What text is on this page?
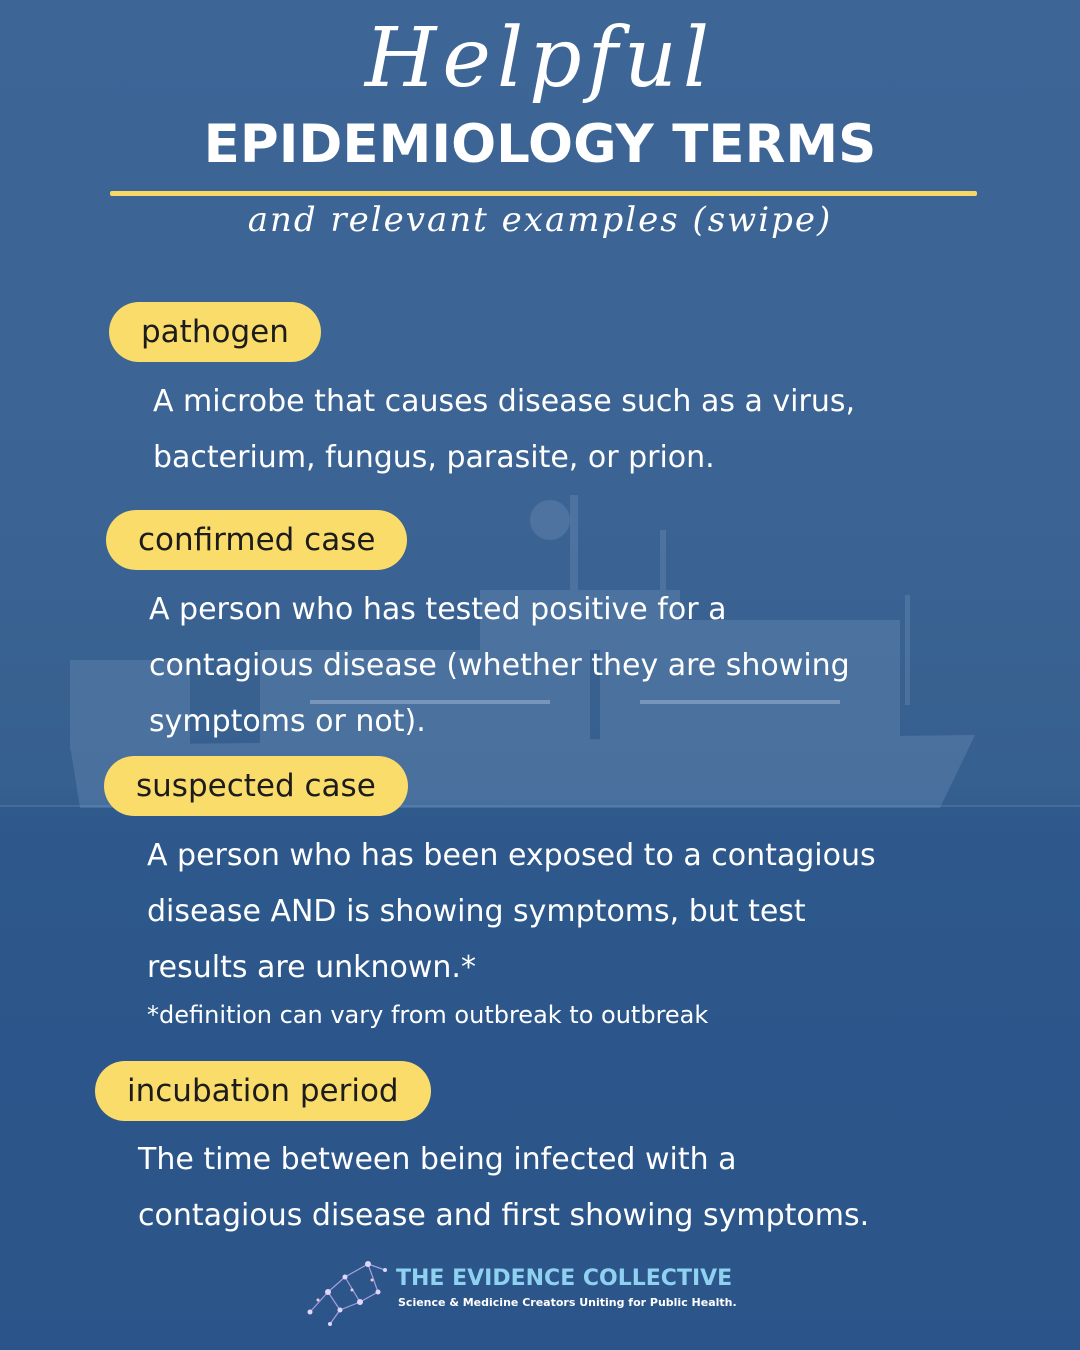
Helpful
EPIDEMIOLOGY TERMS
and relevant examples (swipe)
pathogen
A microbe that causes disease such as a virus,
bacterium, fungus, parasite, or prion.
confirmed case
A person who has tested positive for a
contagious disease (whether they are showing
symptoms or not).
suspected case
A person who has been exposed to a contagious
disease AND is showing symptoms, but test
results are unknown.*
*definition can vary from outbreak to outbreak
incubation period
The time between being infected with a
contagious disease and first showing symptoms.
THE EVIDENCE COLLECTIVE
Science & Medicine Creators Uniting for Public Health.
